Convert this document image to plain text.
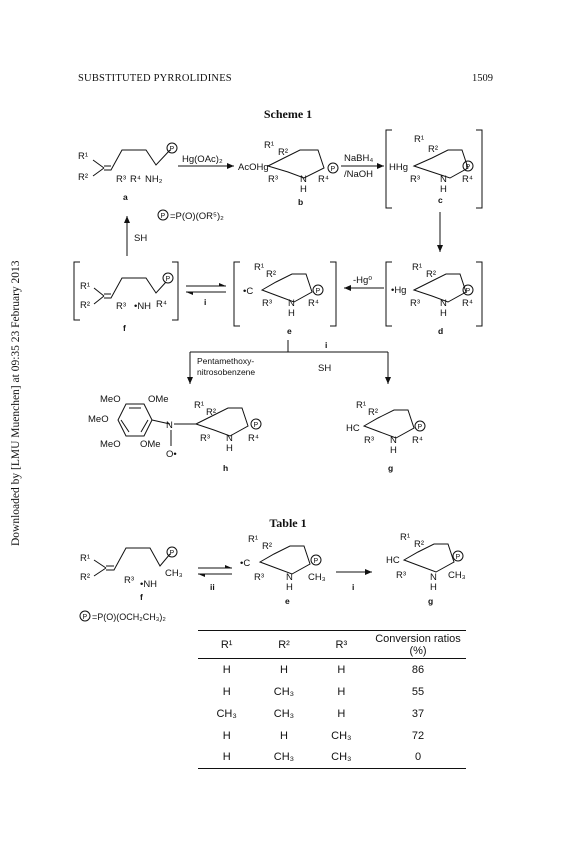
Downloaded by [LMU Muenchen] at 09:35 23 February 2013
SUBSTITUTED PYRROLIDINES	1509
Scheme 1
R¹
R²	R³ R⁴ NH₂
P
a
Hg(OAc)₂
AcOHg
R¹
R²
R³ N
H
R⁴
P
b
NaBH₄
/NaOH
HHg
R¹
R²
R³ N
H
R⁴
P
c
P =P(O)(OR⁵)₂
SH
R¹
R²	R³ •NH R⁴
P
f
i
R¹
R²
•C
R³ N
H
R⁴
P
e
-Hg⁰
R¹
R²
•Hg
R³ N
H
R⁴
P
d
Pentamethoxy-
nitrosobenzene
i
SH
MeO	OMe
MeO
MeO OMe
N
O•
R¹
R²
R³ N
H
R⁴
P
h
R¹
R²
HC
R³ N
H
R⁴
P
g
Table 1
R¹
R²	R³ •NH
CH₃
P
f
ii
R¹
R²
•C
R³ N
H
CH₃
P
e
i
R¹
R²
HC
R³	N
H
CH₃
P
g
P =P(O)(OCH₂CH₃)₂
R¹	R²	R³	Conversion ratios (%)
H	H	H	86
H	CH₃	H	55
CH₃	CH₃	H	37
H	H	CH₃	72
H	CH₃	CH₃	0
